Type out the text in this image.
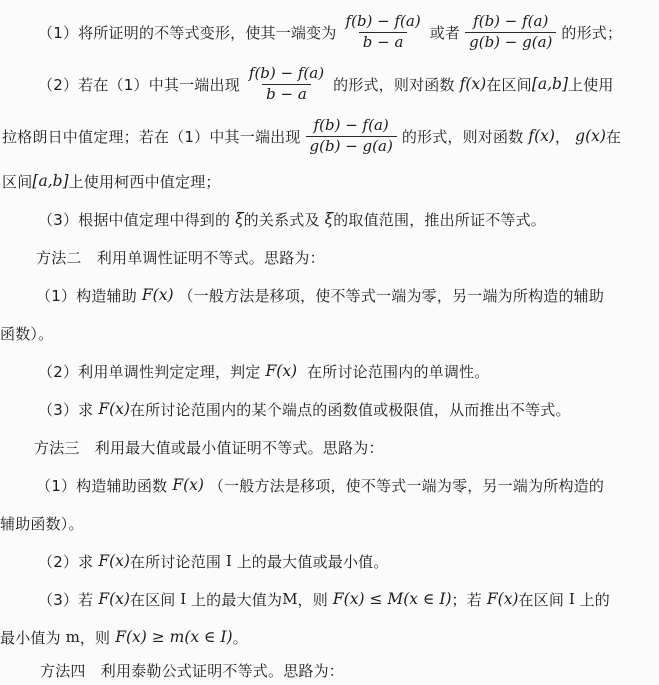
（1）将所证明的不等式变形，使其一端变为 $\frac{f(b) - f(a)}{b - a}$ 或者 $\frac{f(b) - f(a)}{g(b) - g(a)}$ 的形式；
（2）若在（1）中其一端出现 $\frac{f(b) - f(a)}{b - a}$ 的形式，则对函数 f(x) 在区间 [a,b] 上使用
拉格朗日中值定理；若在（1）中其一端出现 $\frac{f(b) - f(a)}{g(b) - g(a)}$ 的形式，则对函数 f(x) ， g(x) 在
区间 [a,b] 上使用柯西中值定理；
（3）根据中值定理中得到的 ξ 的关系式及 ξ 的取值范围，推出所证不等式。
方法二　利用单调性证明不等式。思路为：
（1）构造辅助 F(x) （一般方法是移项，使不等式一端为零，另一端为所构造的辅助
函数）。
（2）利用单调性判定定理，判定 F(x) 在所讨论范围内的单调性。
（3）求 F(x) 在所讨论范围内的某个端点的函数值或极限值，从而推出不等式。
方法三　利用最大值或最小值证明不等式。思路为：
（1）构造辅助函数 F(x) （一般方法是移项，使不等式一端为零，另一端为所构造的
辅助函数）。
（2）求 F(x) 在所讨论范围 I 上的最大值或最小值。
（3）若 F(x) 在区间 I 上的最大值为 M ，则 F(x) ≤ M(x ∈ I) ；若 F(x) 在区间 I 上的
最小值为 m ，则 F(x) ≥ m(x ∈ I) 。
方法四　利用泰勒公式证明不等式。思路为：
